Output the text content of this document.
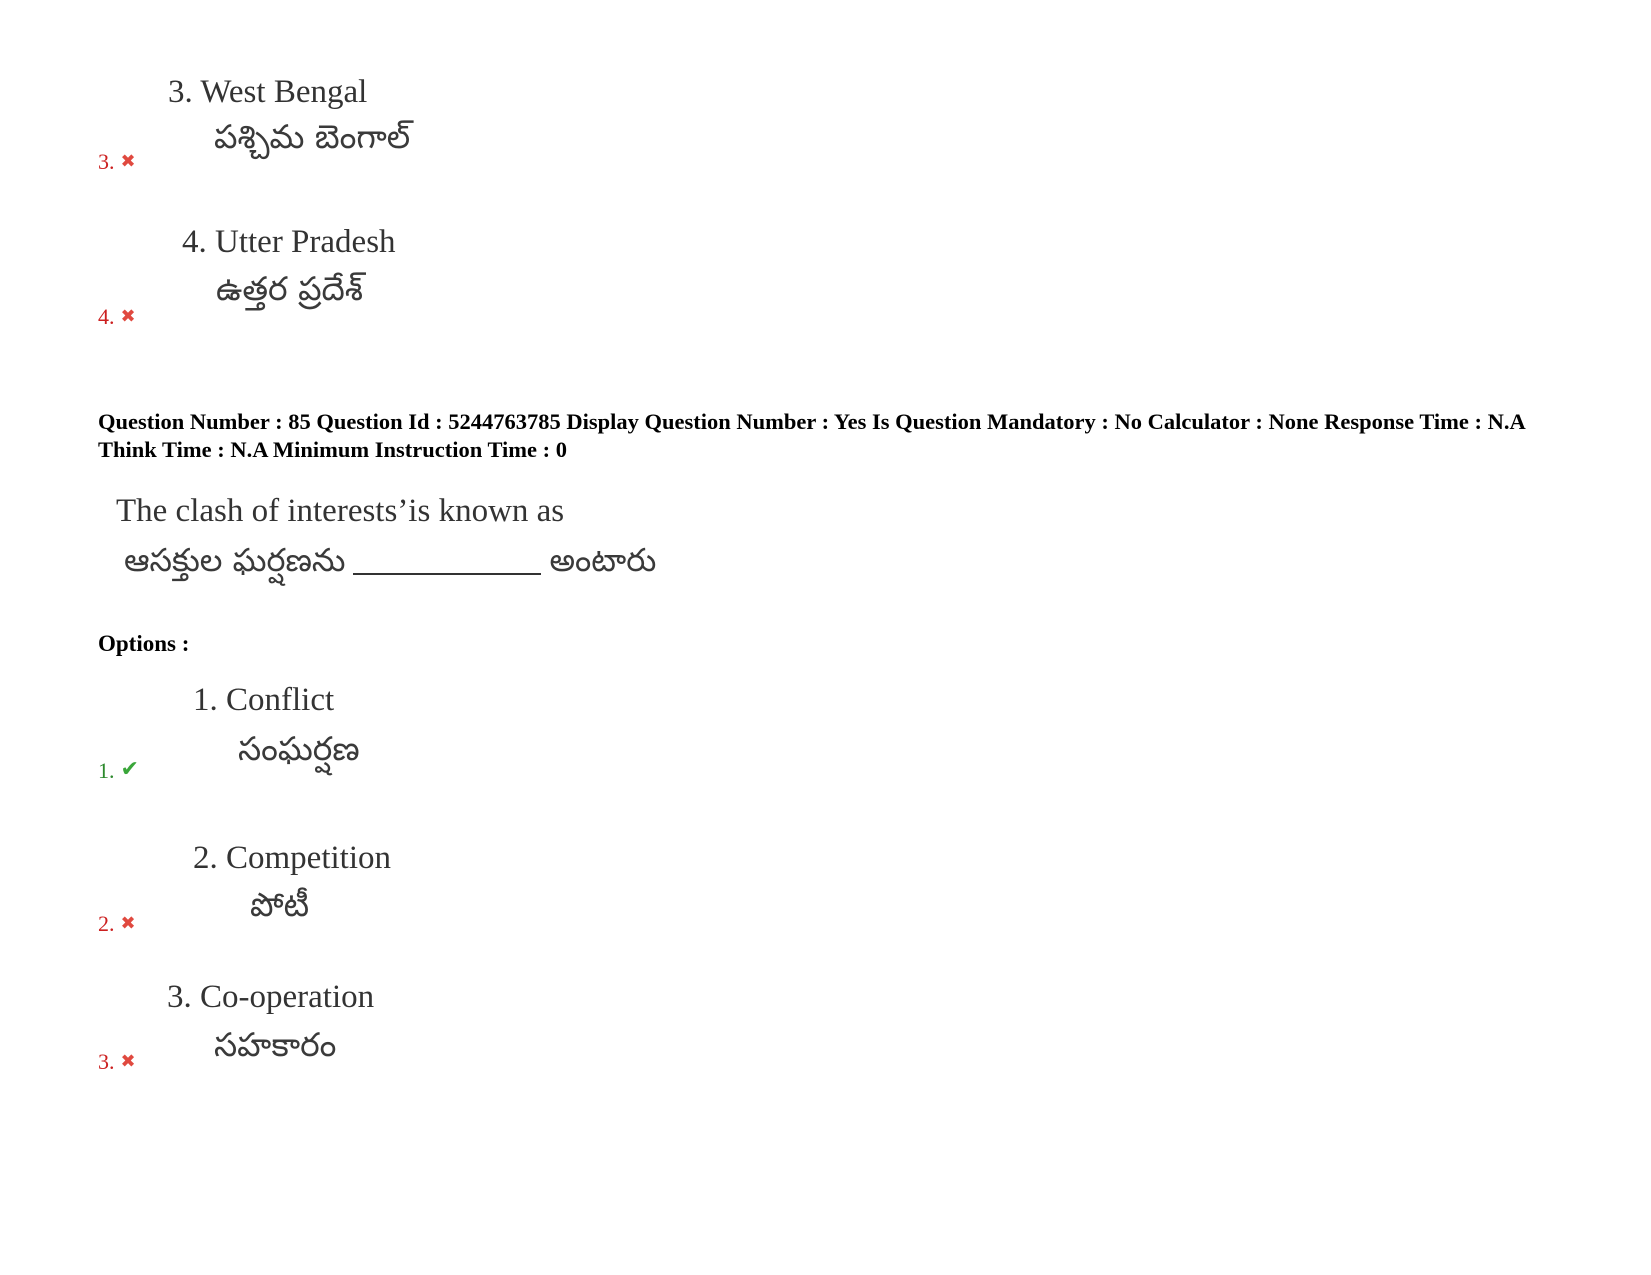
3. West Bengal
పశ్చిమ బెంగాల్
3. ✖
4. Utter Pradesh
ఉత్తర ప్రదేశ్
4. ✖
Question Number : 85 Question Id : 5244763785 Display Question Number : Yes Is Question Mandatory : No Calculator : None Response Time : N.A Think Time : N.A Minimum Instruction Time : 0
The clash of interests’is known as
ఆసక్తుల ఘర్షణను	అంటారు
Options :
1. Conflict
సంఘర్షణ
1. ✔
2. Competition
పోటీ
2. ✖
3. Co-operation
సహకారం
3. ✖
